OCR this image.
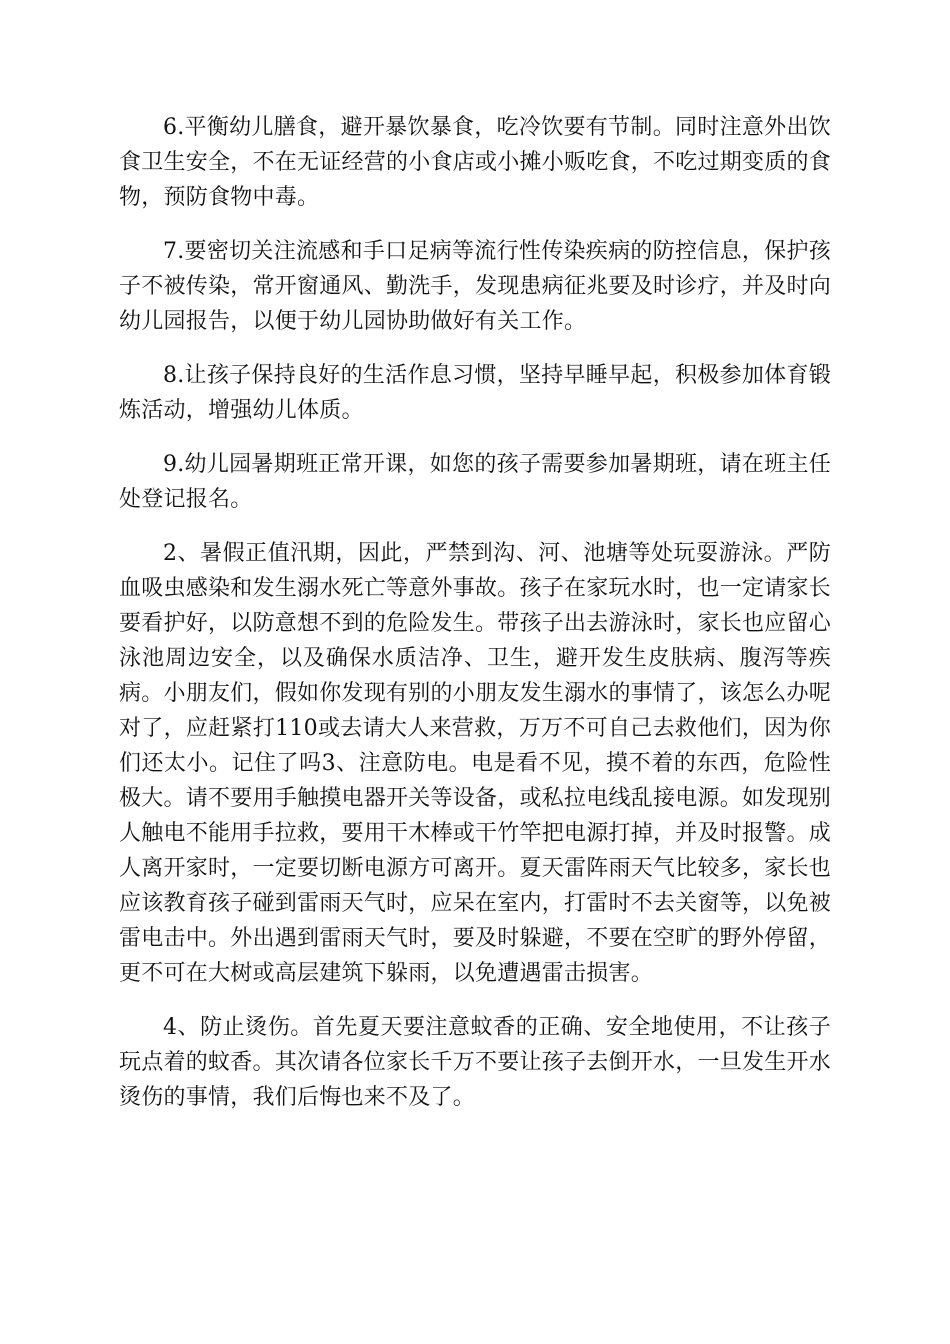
6.平衡幼儿膳食，避开暴饮暴食，吃冷饮要有节制。同时注意外出饮食卫生安全，不在无证经营的小食店或小摊小贩吃食，不吃过期变质的食物，预防食物中毒。

7.要密切关注流感和手口足病等流行性传染疾病的防控信息，保护孩子不被传染，常开窗通风、勤洗手，发现患病征兆要及时诊疗，并及时向幼儿园报告，以便于幼儿园协助做好有关工作。

8.让孩子保持良好的生活作息习惯，坚持早睡早起，积极参加体育锻炼活动，增强幼儿体质。

9.幼儿园暑期班正常开课，如您的孩子需要参加暑期班，请在班主任处登记报名。

2、暑假正值汛期，因此，严禁到沟、河、池塘等处玩耍游泳。严防血吸虫感染和发生溺水死亡等意外事故。孩子在家玩水时，也一定请家长要看护好，以防意想不到的危险发生。带孩子出去游泳时，家长也应留心泳池周边安全，以及确保水质洁净、卫生，避开发生皮肤病、腹泻等疾病。小朋友们，假如你发现有别的小朋友发生溺水的事情了，该怎么办呢对了，应赶紧打110或去请大人来营救，万万不可自己去救他们，因为你们还太小。记住了吗3、注意防电。电是看不见，摸不着的东西，危险性极大。请不要用手触摸电器开关等设备，或私拉电线乱接电源。如发现别人触电不能用手拉救，要用干木棒或干竹竿把电源打掉，并及时报警。成人离开家时，一定要切断电源方可离开。夏天雷阵雨天气比较多，家长也应该教育孩子碰到雷雨天气时，应呆在室内，打雷时不去关窗等，以免被雷电击中。外出遇到雷雨天气时，要及时躲避，不要在空旷的野外停留，更不可在大树或高层建筑下躲雨，以免遭遇雷击损害。

4、防止烫伤。首先夏天要注意蚊香的正确、安全地使用，不让孩子玩点着的蚊香。其次请各位家长千万不要让孩子去倒开水，一旦发生开水烫伤的事情，我们后悔也来不及了。
